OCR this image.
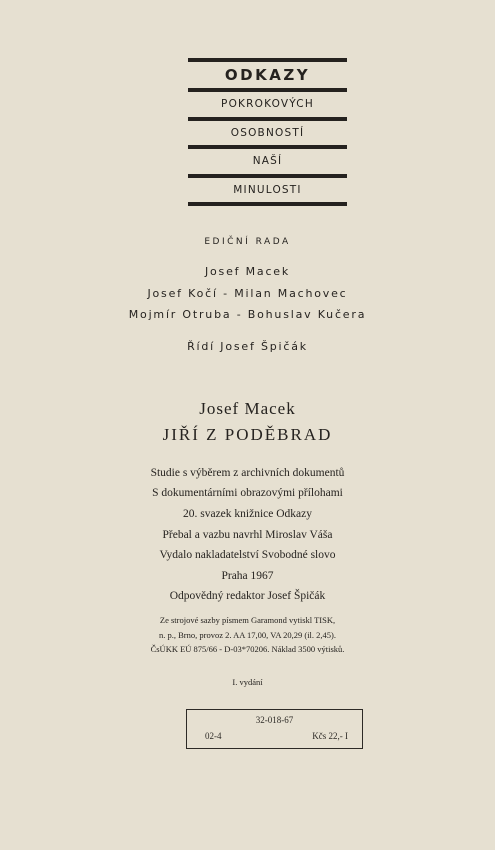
ODKAZY
POKROKOVÝCH
OSOBNOSTÍ
NAŠÍ
MINULOSTI
EDIČNÍ RADA
Josef Macek
Josef Kočí - Milan Machovec
Mojmír Otruba - Bohuslav Kučera
Řídí Josef Špičák
Josef Macek
JIŘÍ Z PODĚBRAD
Studie s výběrem z archivních dokumentů
S dokumentárními obrazovými přílohami
20. svazek knižnice Odkazy
Přebal a vazbu navrhl Miroslav Váša
Vydalo nakladatelství Svobodné slovo
Praha 1967
Odpovědný redaktor Josef Špičák
Ze strojové sazby písmem Garamond vytiskl TISK,
n. p., Brno, provoz 2. AA 17,00, VA 20,29 (il. 2,45).
ČsÚKK EÚ 875/66 - D-03*70206. Náklad 3500 výtisků.
I. vydání
32-018-67
02-4	Kčs 22,- I
